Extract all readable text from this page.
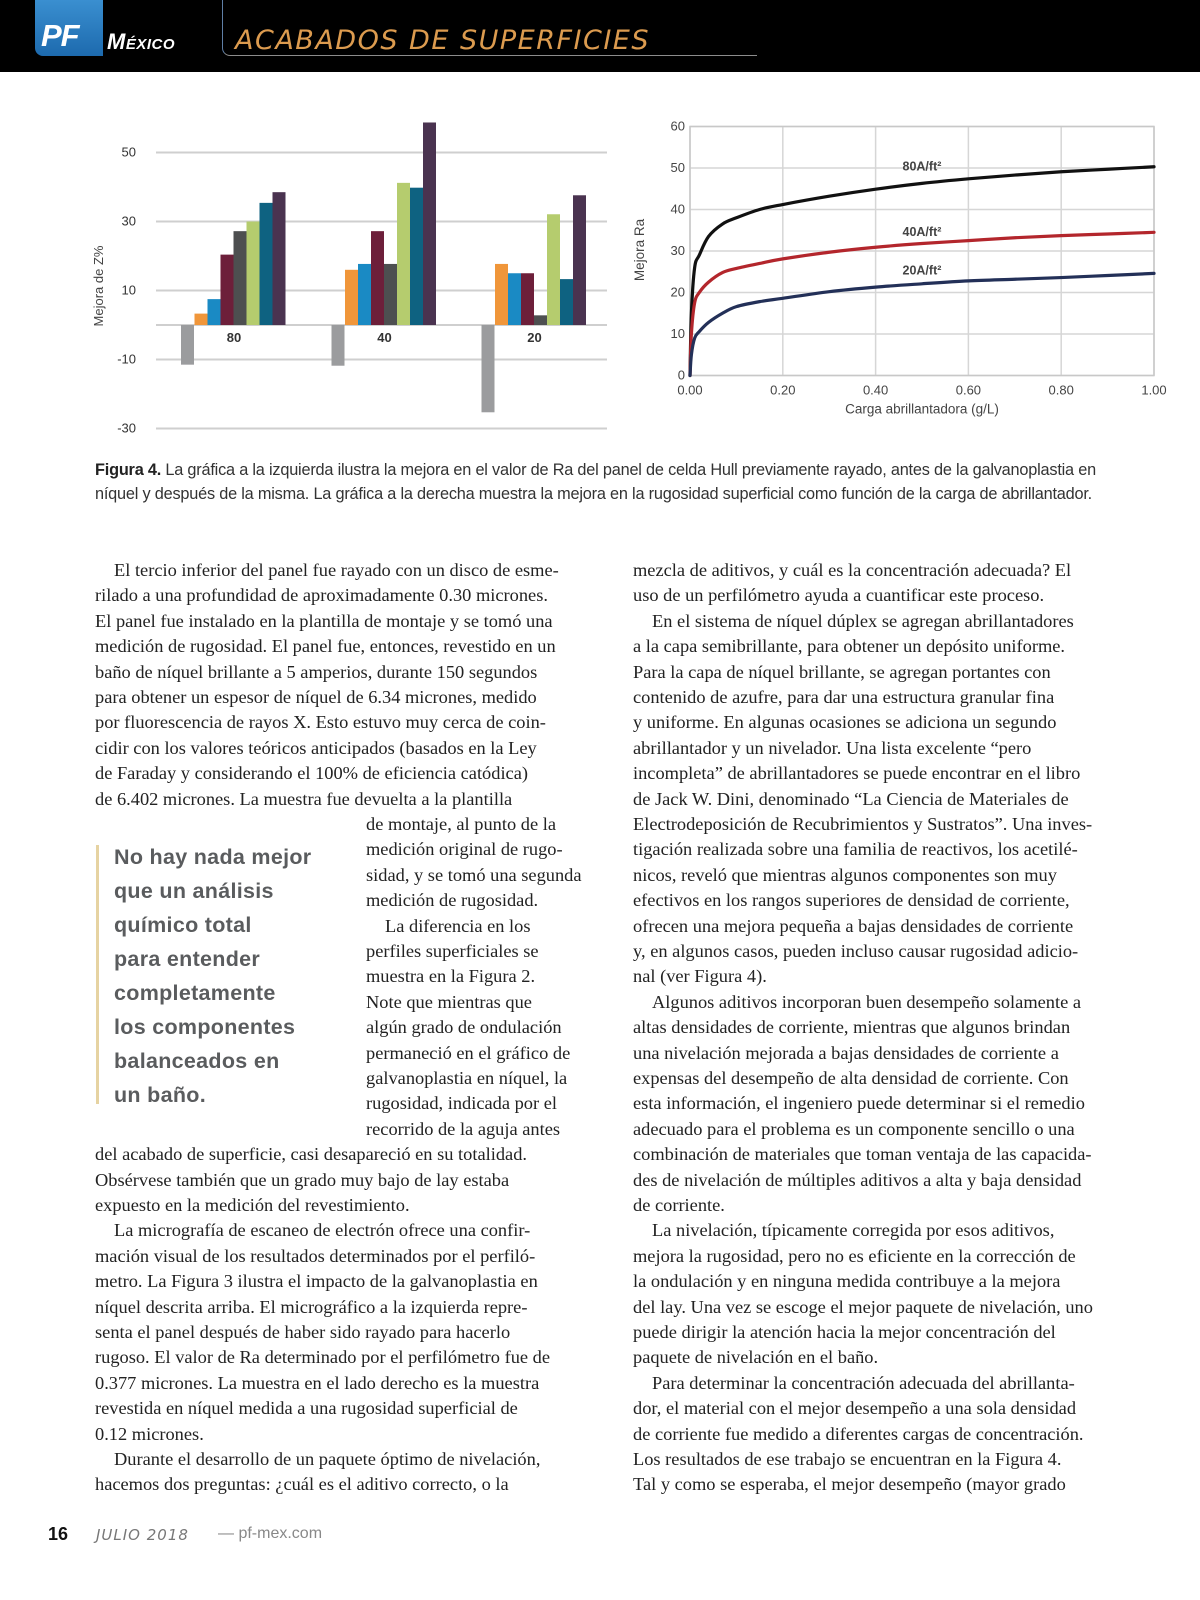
PF México ACABADOS DE SUPERFICIES
50
30
10
-10
-30
Mejora de Z%
80	40	20
0
10
20
30
40
50
60
0.00	0.20	0.40	0.60	0.80	1.00
Carga abrillantadora (g/L)
Mejora Ra
80A/ft²
40A/ft²
20A/ft²
Figura 4. La gráfica a la izquierda ilustra la mejora en el valor de Ra del panel de celda Hull previamente rayado, antes de la galvanoplastia en níquel y después de la misma. La gráfica a la derecha muestra la mejora en la rugosidad superficial como función de la carga de abrillantador.
El tercio inferior del panel fue rayado con un disco de esme-
rilado a una profundidad de aproximadamente 0.30 micrones.
El panel fue instalado en la plantilla de montaje y se tomó una
medición de rugosidad. El panel fue, entonces, revestido en un
baño de níquel brillante a 5 amperios, durante 150 segundos
para obtener un espesor de níquel de 6.34 micrones, medido
por fluorescencia de rayos X. Esto estuvo muy cerca de coin-
cidir con los valores teóricos anticipados (basados en la Ley
de Faraday y considerando el 100% de eficiencia catódica)
de 6.402 micrones. La muestra fue devuelta a la plantilla
de montaje, al punto de la
medición original de rugo-
sidad, y se tomó una segunda
medición de rugosidad.
La diferencia en los
perfiles superficiales se
muestra en la Figura 2.
Note que mientras que
algún grado de ondulación
permaneció en el gráfico de
galvanoplastia en níquel, la
rugosidad, indicada por el
recorrido de la aguja antes
del acabado de superficie, casi desapareció en su totalidad.
Obsérvese también que un grado muy bajo de lay estaba
expuesto en la medición del revestimiento.
La micrografía de escaneo de electrón ofrece una confir-
mación visual de los resultados determinados por el perfiló-
metro. La Figura 3 ilustra el impacto de la galvanoplastia en
níquel descrita arriba. El micrográfico a la izquierda repre-
senta el panel después de haber sido rayado para hacerlo
rugoso. El valor de Ra determinado por el perfilómetro fue de
0.377 micrones. La muestra en el lado derecho es la muestra
revestida en níquel medida a una rugosidad superficial de
0.12 micrones.
Durante el desarrollo de un paquete óptimo de nivelación,
hacemos dos preguntas: ¿cuál es el aditivo correcto, o la
mezcla de aditivos, y cuál es la concentración adecuada? El
uso de un perfilómetro ayuda a cuantificar este proceso.
En el sistema de níquel dúplex se agregan abrillantadores
a la capa semibrillante, para obtener un depósito uniforme.
Para la capa de níquel brillante, se agregan portantes con
contenido de azufre, para dar una estructura granular fina
y uniforme. En algunas ocasiones se adiciona un segundo
abrillantador y un nivelador. Una lista excelente “pero
incompleta” de abrillantadores se puede encontrar en el libro
de Jack W. Dini, denominado “La Ciencia de Materiales de
Electrodeposición de Recubrimientos y Sustratos”. Una inves-
tigación realizada sobre una familia de reactivos, los acetilé-
nicos, reveló que mientras algunos componentes son muy
efectivos en los rangos superiores de densidad de corriente,
ofrecen una mejora pequeña a bajas densidades de corriente
y, en algunos casos, pueden incluso causar rugosidad adicio-
nal (ver Figura 4).
Algunos aditivos incorporan buen desempeño solamente a
altas densidades de corriente, mientras que algunos brindan
una nivelación mejorada a bajas densidades de corriente a
expensas del desempeño de alta densidad de corriente. Con
esta información, el ingeniero puede determinar si el remedio
adecuado para el problema es un componente sencillo o una
combinación de materiales que toman ventaja de las capacida-
des de nivelación de múltiples aditivos a alta y baja densidad
de corriente.
La nivelación, típicamente corregida por esos aditivos,
mejora la rugosidad, pero no es eficiente en la corrección de
la ondulación y en ninguna medida contribuye a la mejora
del lay. Una vez se escoge el mejor paquete de nivelación, uno
puede dirigir la atención hacia la mejor concentración del
paquete de nivelación en el baño.
Para determinar la concentración adecuada del abrillanta-
dor, el material con el mejor desempeño a una sola densidad
de corriente fue medido a diferentes cargas de concentración.
Los resultados de ese trabajo se encuentran en la Figura 4.
Tal y como se esperaba, el mejor desempeño (mayor grado
No hay nada mejor
que un análisis
químico total
para entender
completamente
los componentes
balanceados en
un baño.
16 JULIO 2018 — pf-mex.com
